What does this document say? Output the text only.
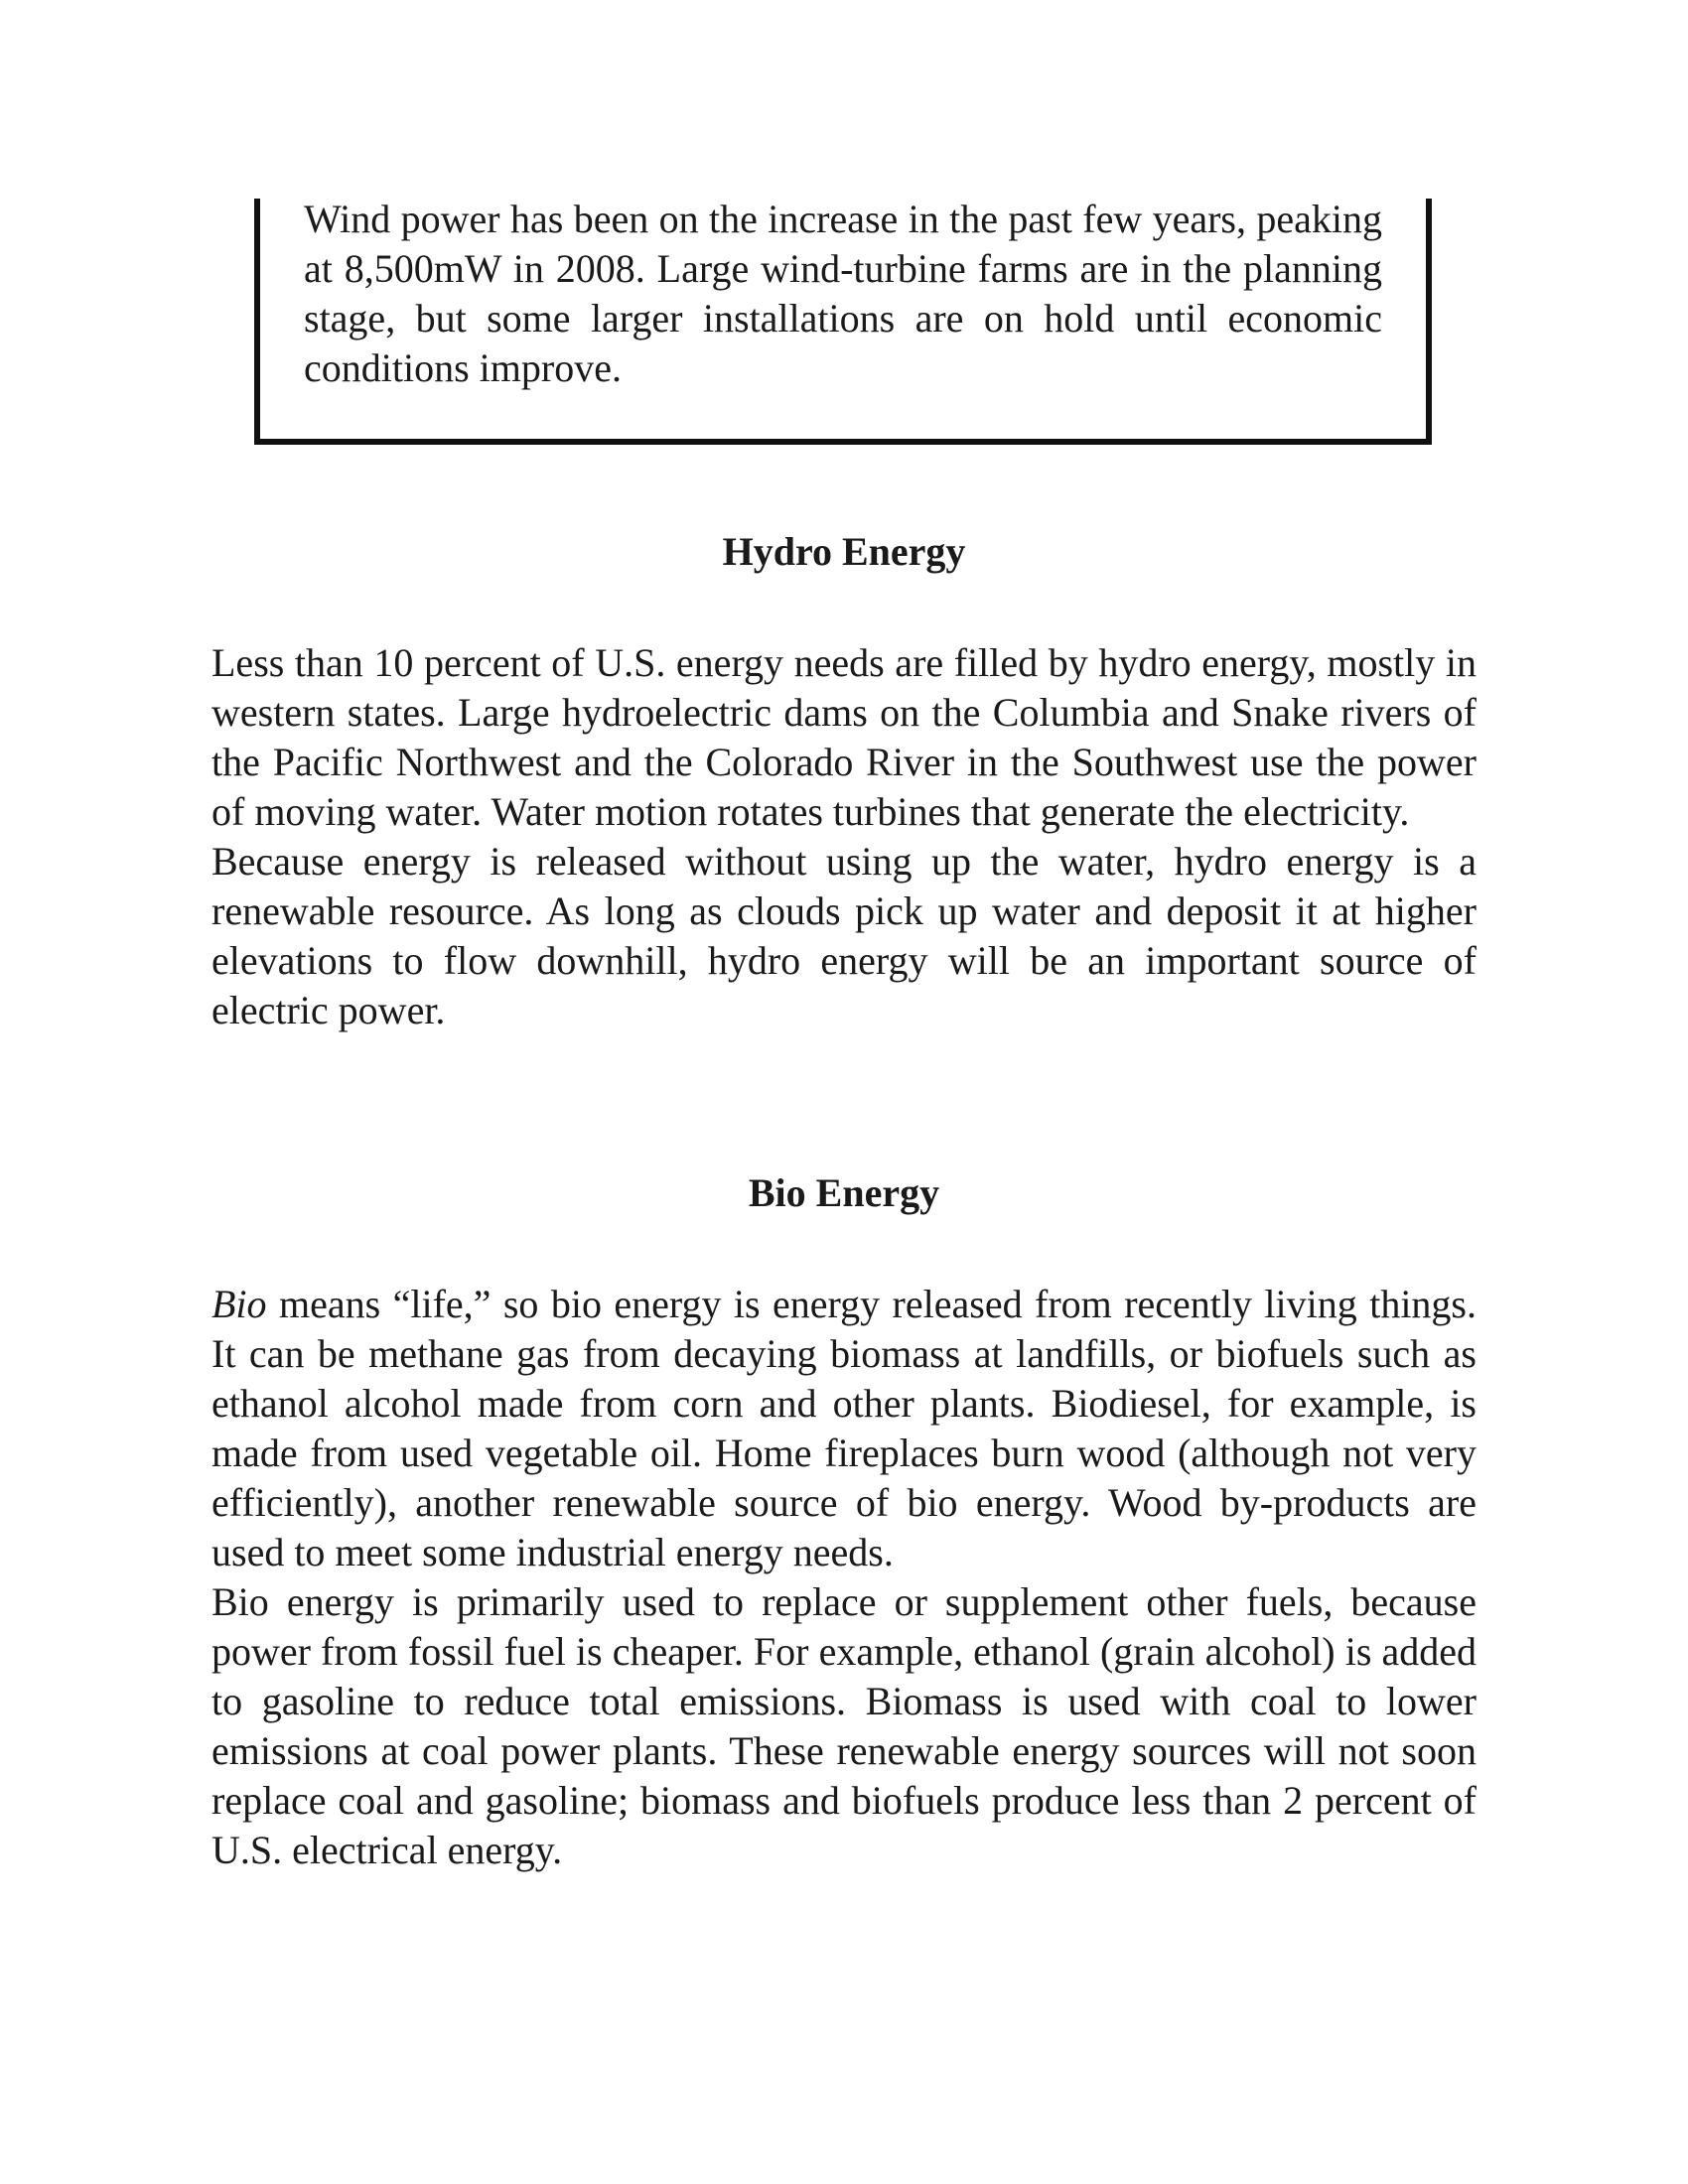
Wind power has been on the increase in the past few years, peaking at 8,500mW in 2008. Large wind-turbine farms are in the planning stage, but some larger installations are on hold until economic conditions improve.

Hydro Energy

Less than 10 percent of U.S. energy needs are filled by hydro energy, mostly in western states. Large hydroelectric dams on the Columbia and Snake rivers of the Pacific Northwest and the Colorado River in the Southwest use the power of moving water. Water motion rotates turbines that generate the electricity.

Because energy is released without using up the water, hydro energy is a renewable resource. As long as clouds pick up water and deposit it at higher elevations to flow downhill, hydro energy will be an important source of electric power.

Bio Energy

Bio means “life,” so bio energy is energy released from recently living things. It can be methane gas from decaying biomass at landfills, or biofuels such as ethanol alcohol made from corn and other plants. Biodiesel, for example, is made from used vegetable oil. Home fireplaces burn wood (although not very efficiently), another renewable source of bio energy. Wood by-products are used to meet some industrial energy needs.

Bio energy is primarily used to replace or supplement other fuels, because power from fossil fuel is cheaper. For example, ethanol (grain alcohol) is added to gasoline to reduce total emissions. Biomass is used with coal to lower emissions at coal power plants. These renewable energy sources will not soon replace coal and gasoline; biomass and biofuels produce less than 2 percent of U.S. electrical energy.
